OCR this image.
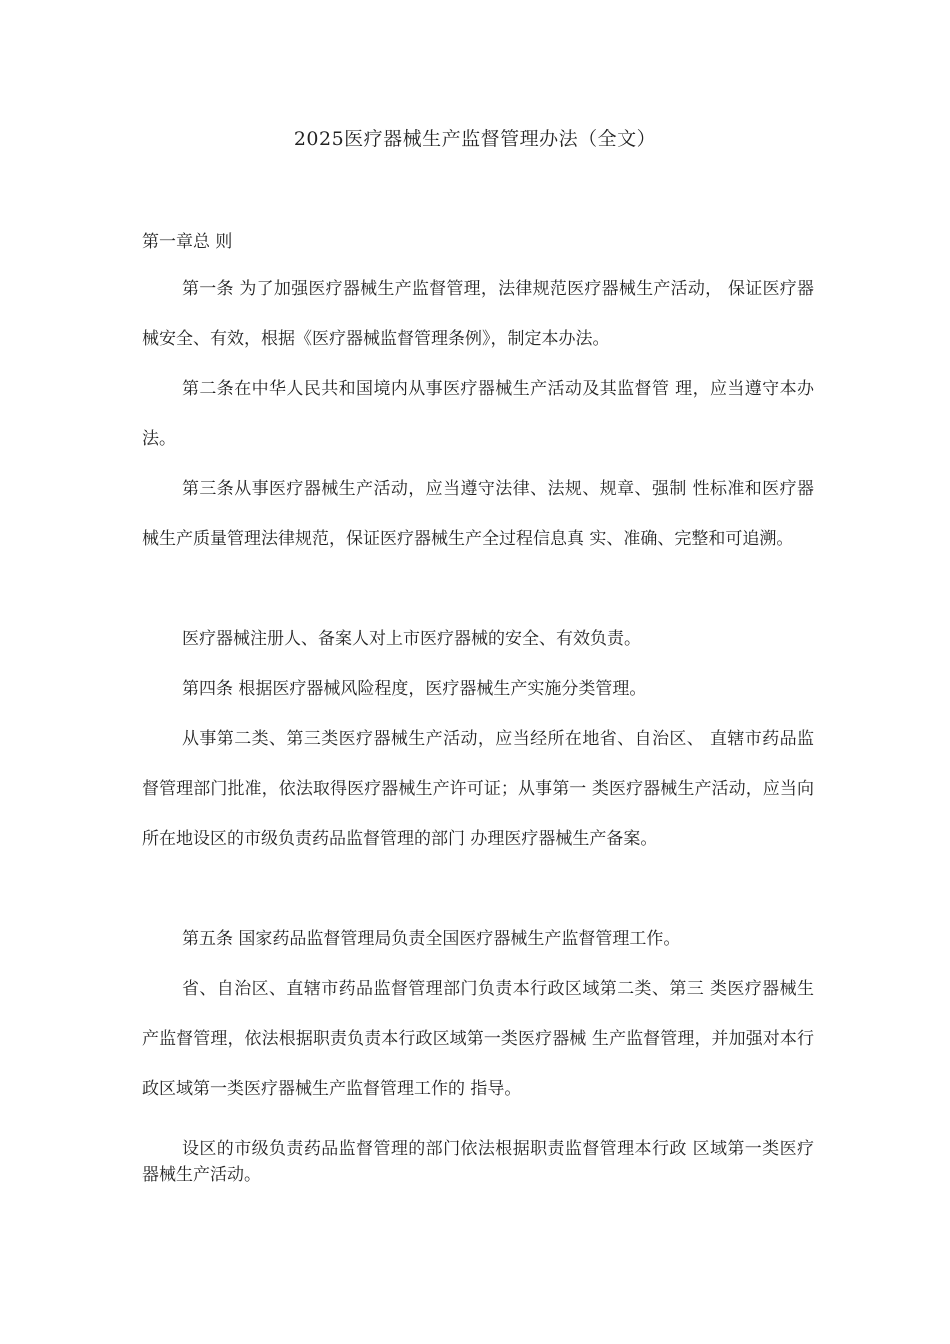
2025医疗器械生产监督管理办法（全文）
第一章总 则

第一条 为了加强医疗器械生产监督管理，法律规范医疗器械生产活动， 保证医疗器械安全、有效，根据《医疗器械监督管理条例》，制定本办法。

第二条在中华人民共和国境内从事医疗器械生产活动及其监督管 理，应当遵守本办法。

第三条从事医疗器械生产活动，应当遵守法律、法规、规章、强制 性标准和医疗器械生产质量管理法律规范，保证医疗器械生产全过程信息真 实、准确、完整和可追溯。

医疗器械注册人、备案人对上市医疗器械的安全、有效负责。

第四条 根据医疗器械风险程度，医疗器械生产实施分类管理。

从事第二类、第三类医疗器械生产活动，应当经所在地省、自治区、 直辖市药品监督管理部门批准，依法取得医疗器械生产许可证；从事第一 类医疗器械生产活动，应当向所在地设区的市级负责药品监督管理的部门 办理医疗器械生产备案。

第五条 国家药品监督管理局负责全国医疗器械生产监督管理工作。

省、自治区、直辖市药品监督管理部门负责本行政区域第二类、第三 类医疗器械生产监督管理，依法根据职责负责本行政区域第一类医疗器械 生产监督管理，并加强对本行政区域第一类医疗器械生产监督管理工作的 指导。

设区的市级负责药品监督管理的部门依法根据职责监督管理本行政 区域第一类医疗器械生产活动。
